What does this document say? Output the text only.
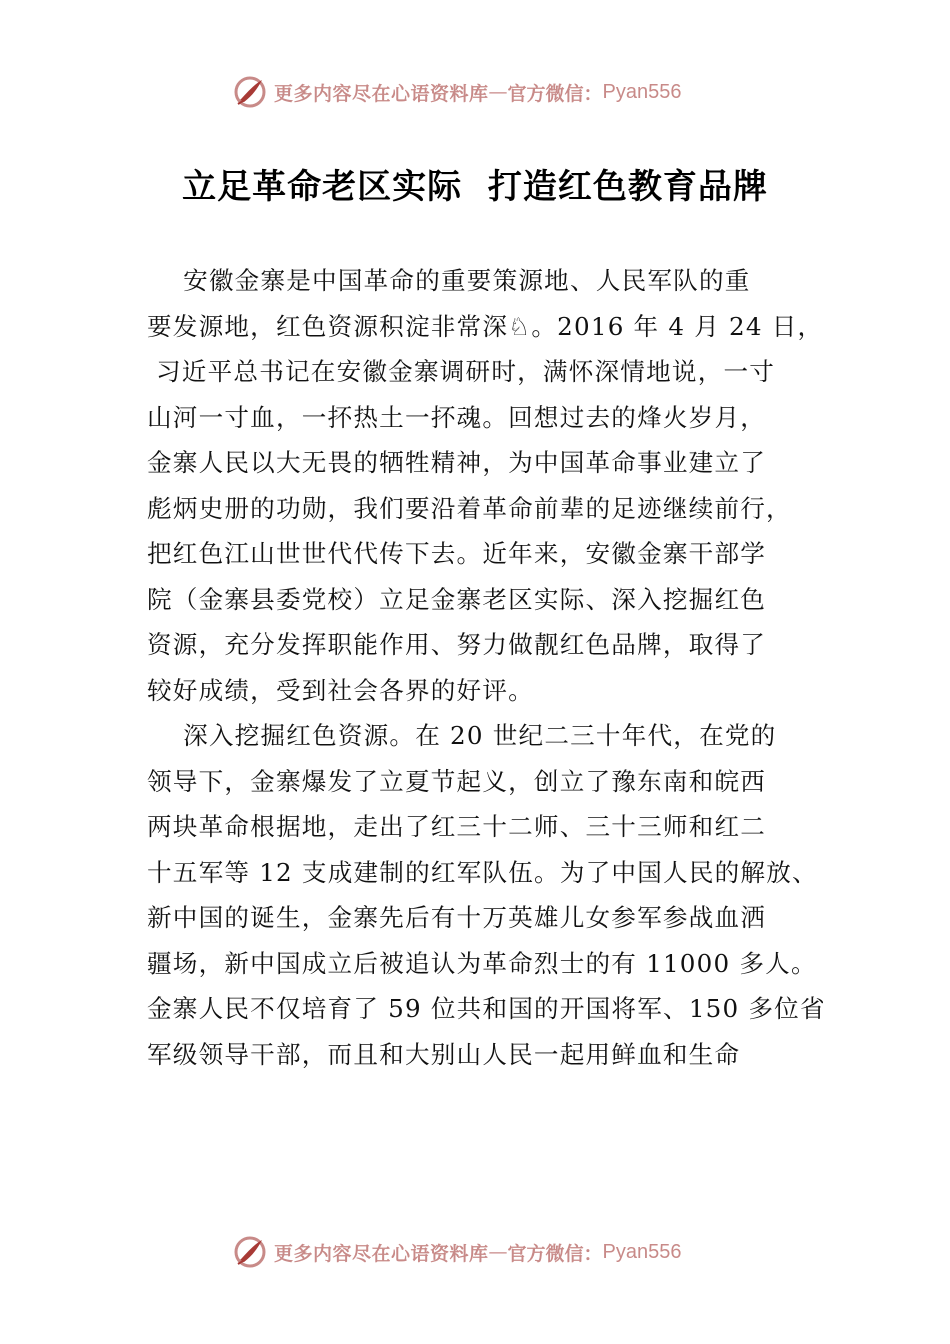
更多内容尽在心语资料库 — 官方微信： Pyan556
立足革命老区实际  打造红色教育品牌
安徽金寨是中国革命的重要策源地、人民军队的重
要发源地，红色资源积淀非常深♘。2016 年 4 月 24 日，
习近平总书记在安徽金寨调研时，满怀深情地说，一寸
山河一寸血，一抔热土一抔魂。回想过去的烽火岁月，
金寨人民以大无畏的牺牲精神，为中国革命事业建立了
彪炳史册的功勋，我们要沿着革命前辈的足迹继续前行，
把红色江山世世代代传下去。近年来，安徽金寨干部学
院（金寨县委党校）立足金寨老区实际、深入挖掘红色
资源，充分发挥职能作用、努力做靓红色品牌，取得了
较好成绩，受到社会各界的好评。
深入挖掘红色资源。在 20 世纪二三十年代，在党的
领导下，金寨爆发了立夏节起义，创立了豫东南和皖西
两块革命根据地，走出了红三十二师、三十三师和红二
十五军等 12 支成建制的红军队伍。为了中国人民的解放、
新中国的诞生，金寨先后有十万英雄儿女参军参战血洒
疆场，新中国成立后被追认为革命烈士的有 11000 多人。
金寨人民不仅培育了 59 位共和国的开国将军、150 多位省
军级领导干部，而且和大别山人民一起用鲜血和生命
更多内容尽在心语资料库 — 官方微信： Pyan556
